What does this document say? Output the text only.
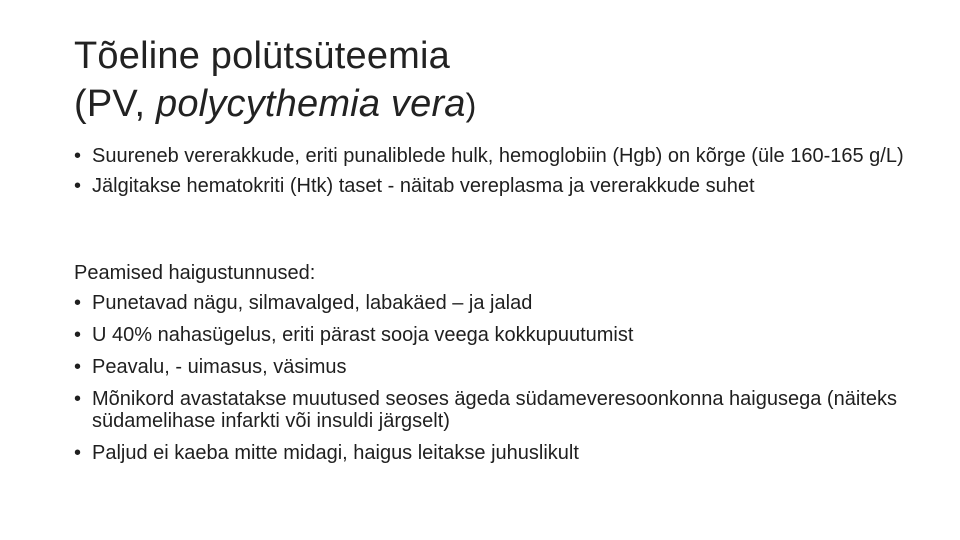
Tõeline polütsüteemia
(PV, polycythemia vera)
• Suureneb vererakkude, eriti punaliblede hulk, hemoglobiin (Hgb) on kõrge (üle 160-165 g/L)
• Jälgitakse hematokriti (Htk) taset - näitab vereplasma ja vererakkude suhet
Peamised haigustunnused:
• Punetavad nägu, silmavalged, labakäed – ja jalad
• U 40% nahasügelus, eriti pärast sooja veega kokkupuutumist
• Peavalu, - uimasus, väsimus
• Mõnikord avastatakse muutused seoses ägeda südameveresoonkonna haigusega (näiteks südamelihase infarkti või insuldi järgselt)
• Paljud ei kaeba mitte midagi, haigus leitakse juhuslikult
